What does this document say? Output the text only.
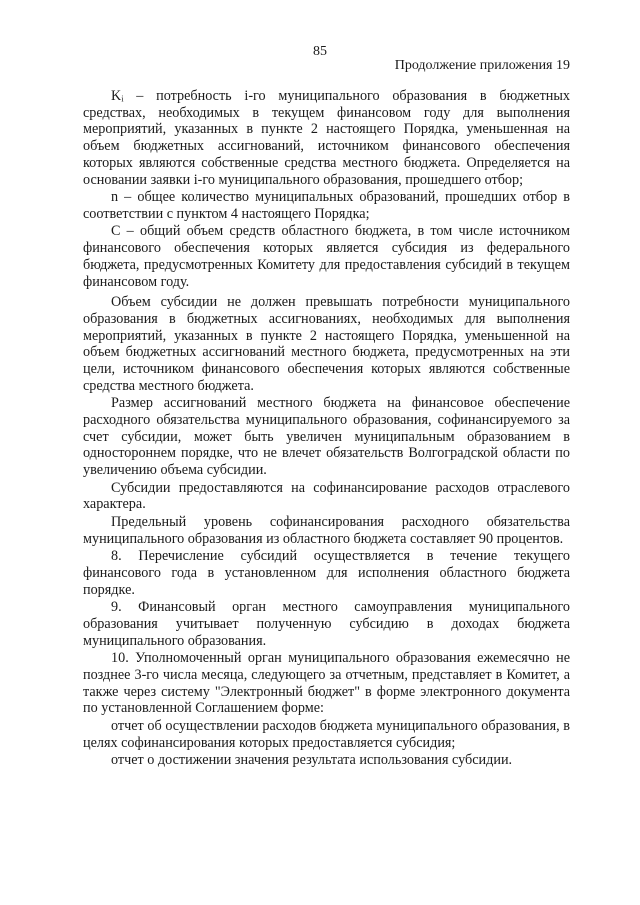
85
Продолжение приложения 19

Kᵢ – потребность i-го муниципального образования в бюджетных средствах, необходимых в текущем финансовом году для выполнения мероприятий, указанных в пункте 2 настоящего Порядка, уменьшенная на объем бюджетных ассигнований, источником финансового обеспечения которых являются собственные средства местного бюджета. Определяется на основании заявки i-го муниципального образования, прошедшего отбор;

n – общее количество муниципальных образований, прошедших отбор в соответствии с пунктом 4 настоящего Порядка;

С – общий объем средств областного бюджета, в том числе источником финансового обеспечения которых является субсидия из федерального бюджета, предусмотренных Комитету для предоставления субсидий в текущем финансовом году.

Объем субсидии не должен превышать потребности муниципального образования в бюджетных ассигнованиях, необходимых для выполнения мероприятий, указанных в пункте 2 настоящего Порядка, уменьшенной на объем бюджетных ассигнований местного бюджета, предусмотренных на эти цели, источником финансового обеспечения которых являются собственные средства местного бюджета.

Размер ассигнований местного бюджета на финансовое обеспечение расходного обязательства муниципального образования, софинансируемого за счет субсидии, может быть увеличен муниципальным образованием в одностороннем порядке, что не влечет обязательств Волгоградской области по увеличению объема субсидии.

Субсидии предоставляются на софинансирование расходов отраслевого характера.

Предельный уровень софинансирования расходного обязательства муниципального образования из областного бюджета составляет 90 процентов.

8. Перечисление субсидий осуществляется в течение текущего финансового года в установленном для исполнения областного бюджета порядке.

9. Финансовый орган местного самоуправления муниципального образования учитывает полученную субсидию в доходах бюджета муниципального образования.

10. Уполномоченный орган муниципального образования ежемесячно не позднее 3-го числа месяца, следующего за отчетным, представляет в Комитет, а также через систему "Электронный бюджет" в форме электронного документа по установленной Соглашением форме:

отчет об осуществлении расходов бюджета муниципального образования, в целях софинансирования которых предоставляется субсидия;

отчет о достижении значения результата использования субсидии.
